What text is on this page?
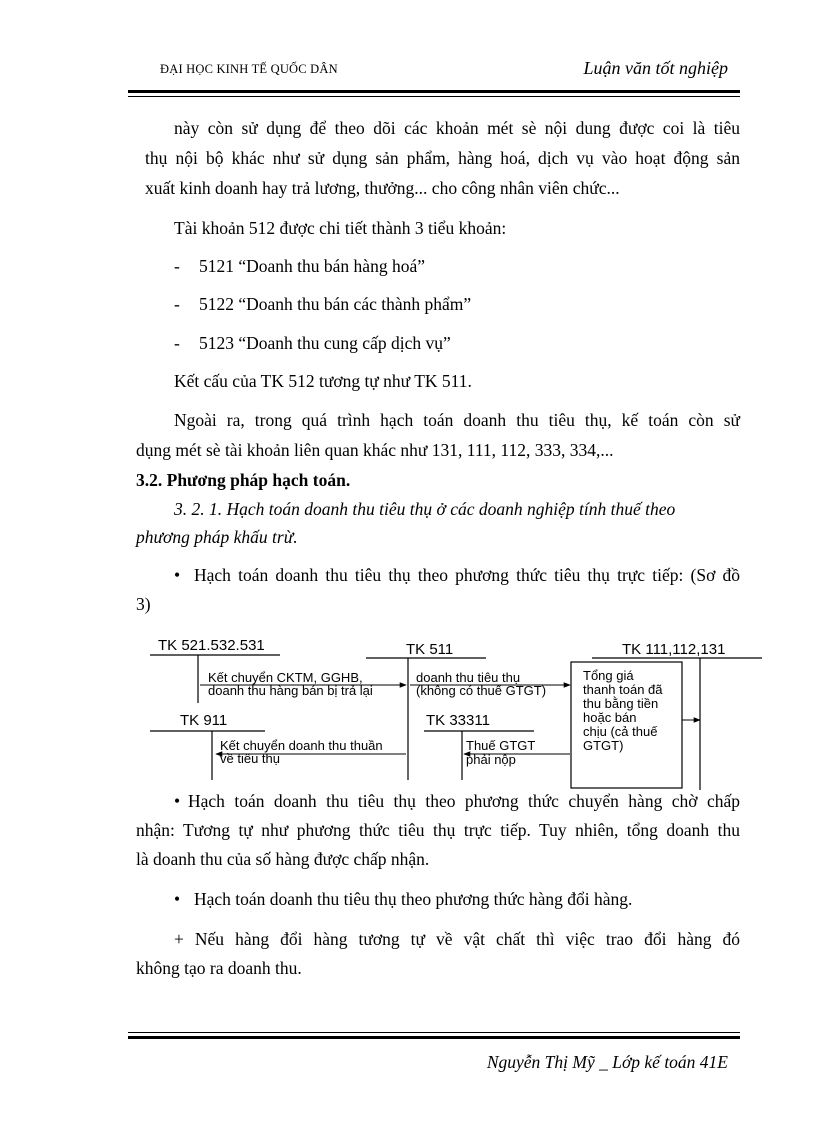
ĐẠI HỌC KINH TẾ QUỐC DÂN	Luận văn tốt nghiệp
này còn sử dụng để theo dõi các khoản mét sè nội dung được coi là tiêu
thụ nội bộ khác như sử dụng sản phẩm, hàng hoá, dịch vụ vào hoạt động sản
xuất kinh doanh hay trả lương, thưởng... cho công nhân viên chức...
Tài khoản 512 được chi tiết thành 3 tiểu khoản:
- 5121 “Doanh thu bán hàng hoá”
- 5122 “Doanh thu bán các thành phẩm”
- 5123 “Doanh thu cung cấp dịch vụ”
Kết cấu của TK 512 tương tự như TK 511.
Ngoài ra, trong quá trình hạch toán doanh thu tiêu thụ, kế toán còn sử
dụng mét sè tài khoản liên quan khác như 131, 111, 112, 333, 334,...
3.2. Phương pháp hạch toán.
3. 2. 1. Hạch toán doanh thu tiêu thụ ở các doanh nghiệp tính thuế theo
phương pháp khấu trừ.
• Hạch toán doanh thu tiêu thụ theo phương thức tiêu thụ trực tiếp: (Sơ đồ
3)
TK 521.532.531	TK 511	TK 111,112,131
TK 911	TK 33311
Kết chuyển CKTM, GGHB,
doanh thu hàng bán bị trả lại
doanh thu tiêu thụ
(không có thuế GTGT)
Kết chuyển doanh thu thuần
về tiêu thụ
Thuế GTGT
phải nộp
Tổng giá
thanh toán đã
thu bằng tiền
hoặc bán
chịu (cả thuế
GTGT)
• Hạch toán doanh thu tiêu thụ theo phương thức chuyển hàng chờ chấp
nhận: Tương tự như phương thức tiêu thụ trực tiếp. Tuy nhiên, tổng doanh thu
là doanh thu của số hàng được chấp nhận.
• Hạch toán doanh thu tiêu thụ theo phương thức hàng đổi hàng.
+ Nếu hàng đổi hàng tương tự về vật chất thì việc trao đổi hàng đó
không tạo ra doanh thu.
Nguyễn Thị Mỹ _ Lớp kế toán 41E
